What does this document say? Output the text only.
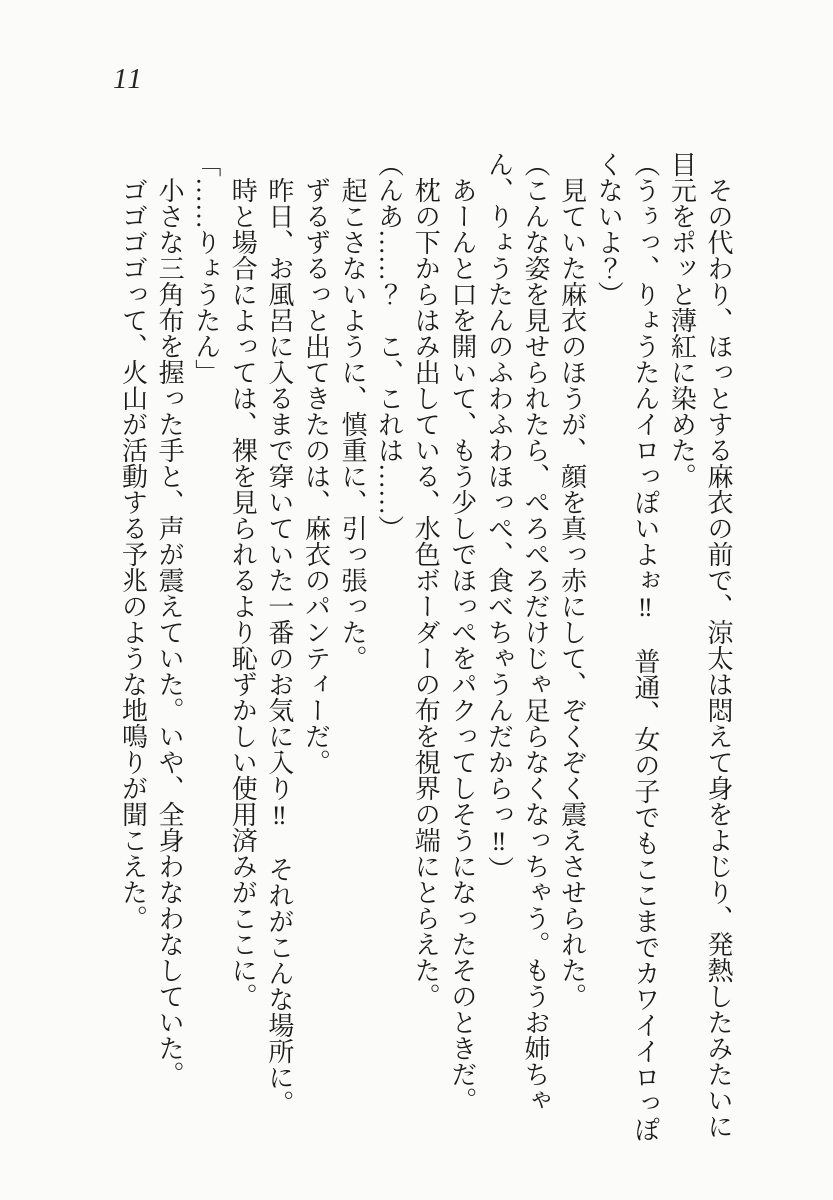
11

　その代わり、ほっとする麻衣の前で、涼太は悶えて身をよじり、発熱したみたいに目元をポッと薄紅に染めた。

（うぅっ、りょうたんイロっぽいよぉ‼　普通、女の子でもここまでカワイイロっぽくないよ？）

　見ていた麻衣のほうが、顔を真っ赤にして、ぞくぞく震えさせられた。

（こんな姿を見せられたら、ぺろぺろだけじゃ足らなくなっちゃう。もうお姉ちゃん、りょうたんのふわふわほっぺ、食べちゃうんだからっ‼）

　あーんと口を開いて、もう少しでほっぺをパクってしそうになったそのときだ。

　枕の下からはみ出している、水色ボーダーの布を視界の端にとらえた。

（んあ……？　こ、これは……）

　起こさないように、慎重に、引っ張った。

　ずるずるっと出てきたのは、麻衣のパンティーだ。

　昨日、お風呂に入るまで穿いていた一番のお気に入り‼　それがこんな場所に。

　時と場合によっては、裸を見られるより恥ずかしい使用済みがここに。

「……りょうたん」

　小さな三角布を握った手と、声が震えていた。いや、全身わなわなしていた。

　ゴゴゴゴって、火山が活動する予兆のような地鳴りが聞こえた。
